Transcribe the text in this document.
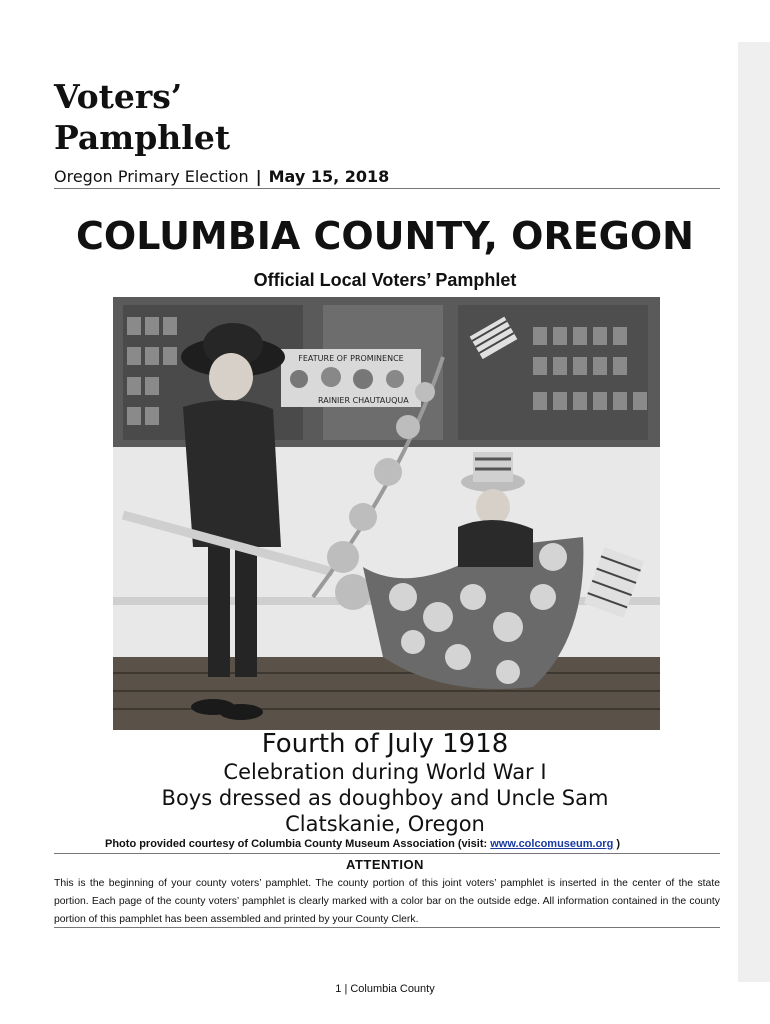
Voters’
Pamphlet
Oregon Primary Election | May 15, 2018
COLUMBIA COUNTY, OREGON
Official Local Voters’ Pamphlet
FEATURE OF PROMINENCE
RAINIER CHAUTAUQUA
Fourth of July 1918
Celebration during World War I
Boys dressed as doughboy and Uncle Sam
Clatskanie, Oregon
Photo provided courtesy of Columbia County Museum Association (visit: www.colcomuseum.org )
ATTENTION
This is the beginning of your county voters’ pamphlet. The county portion of this joint voters’ pamphlet is inserted in the center of the state portion. Each page of the county voters’ pamphlet is clearly marked with a color bar on the outside edge. All information contained in the county portion of this pamphlet has been assembled and printed by your County Clerk.
1 | Columbia County
